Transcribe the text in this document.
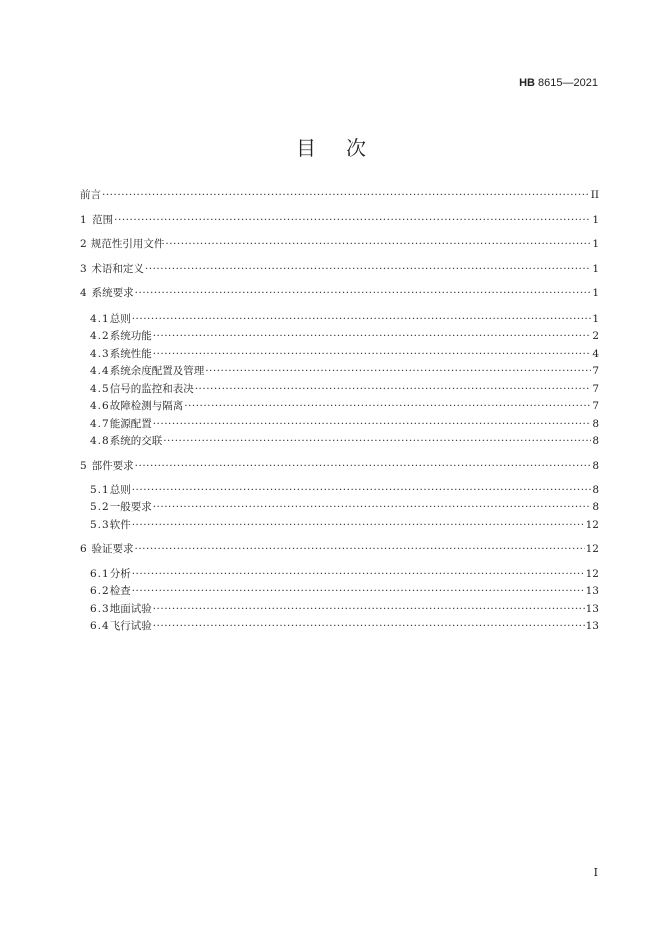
HB 8615—2021
目次
前言 ·····	II
1 范围 ·····	1
2 规范性引用文件 ·····	1
3 术语和定义 ·····	1
4 系统要求 ·····	1
4.1 总则 ·····	1
4.2 系统功能 ·····	2
4.3 系统性能 ·····	4
4.4 系统余度配置及管理 ·····	7
4.5 信号的监控和表决 ·····	7
4.6 故障检测与隔离 ·····	7
4.7 能源配置 ·····	8
4.8 系统的交联 ·····	8
5 部件要求 ·····	8
5.1 总则 ·····	8
5.2 一般要求 ·····	8
5.3 软件 ·····	12
6 验证要求 ·····	12
6.1 分析 ·····	12
6.2 检查 ·····	13
6.3 地面试验 ·····	13
6.4 飞行试验 ·····	13
I
